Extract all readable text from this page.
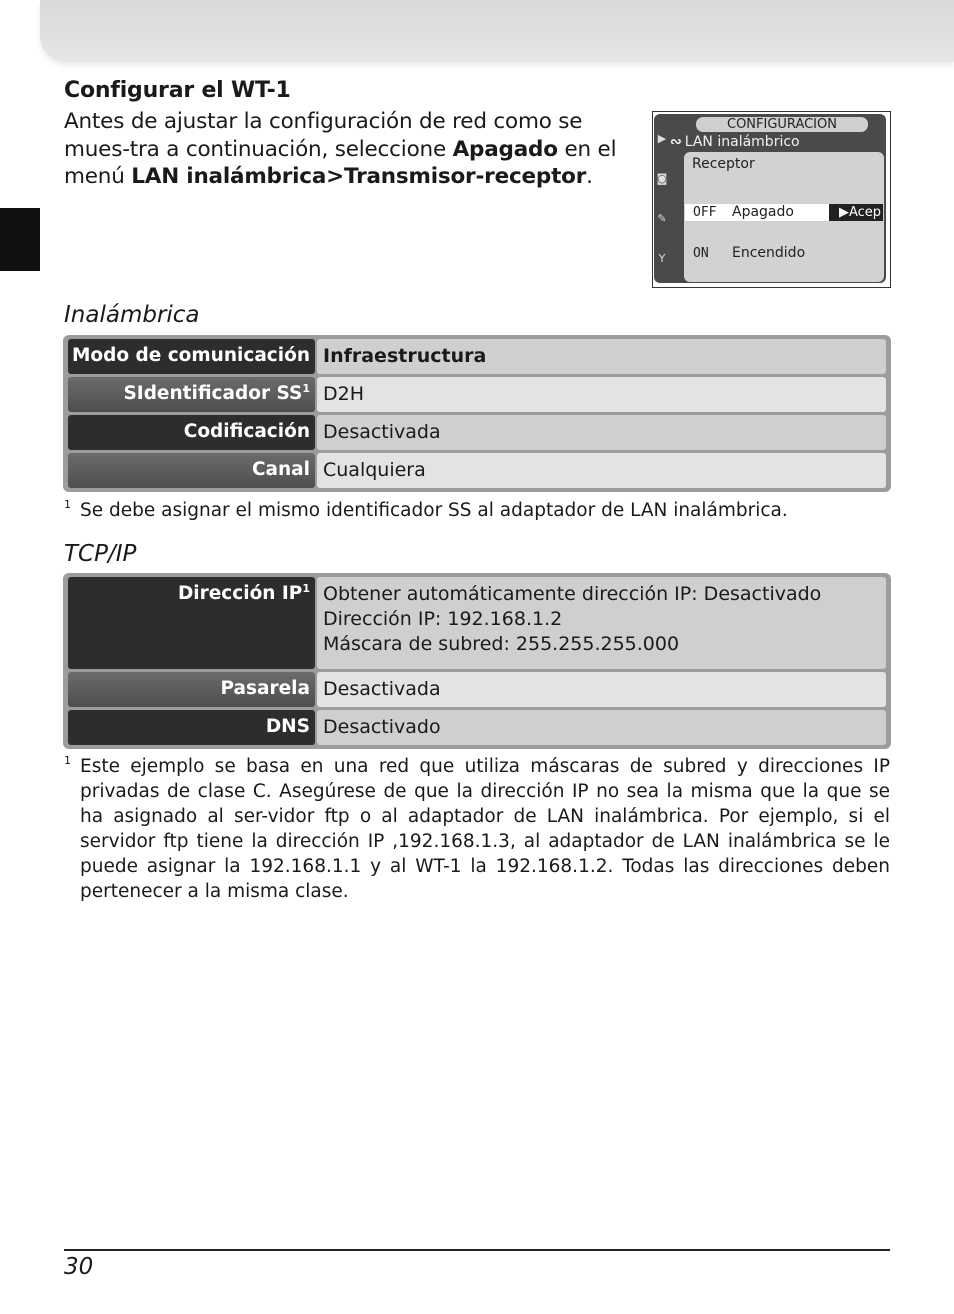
Configurar el WT-1
Antes de ajustar la configuración de red como se mues-tra a continuación, seleccione Apagado en el menú LAN inalámbrica>Transmisor-receptor.
CONFIGURACIÓN
▶
◙
✎
Y
∾ LAN inalámbrico
Receptor
OFF Apagado	▶Acep
ON Encendido
Inalámbrica
Modo de comunicación Infraestructura
SIdentificador $SS^1$ D2H
Codificación Desactivada
Canal Cualquiera
1 Se debe asignar el mismo identificador SS al adaptador de LAN inalámbrica.
TCP/IP
Dirección $IP^1$ Obtener automáticamente dirección IP: Desactivado
Dirección IP: 192.168.1.2
Máscara de subred: 255.255.255.000
Pasarela Desactivada
DNS Desactivado
1 Este ejemplo se basa en una red que utiliza máscaras de subred y direcciones IP privadas de clase C. Asegúrese de que la dirección IP no sea la misma que la que se ha asignado al ser-vidor ftp o al adaptador de LAN inalámbrica. Por ejemplo, si el servidor ftp tiene la dirección IP ,192.168.1.3, al adaptador de LAN inalámbrica se le puede asignar la 192.168.1.1 y al WT-1 la 192.168.1.2. Todas las direcciones deben pertenecer a la misma clase.
30
